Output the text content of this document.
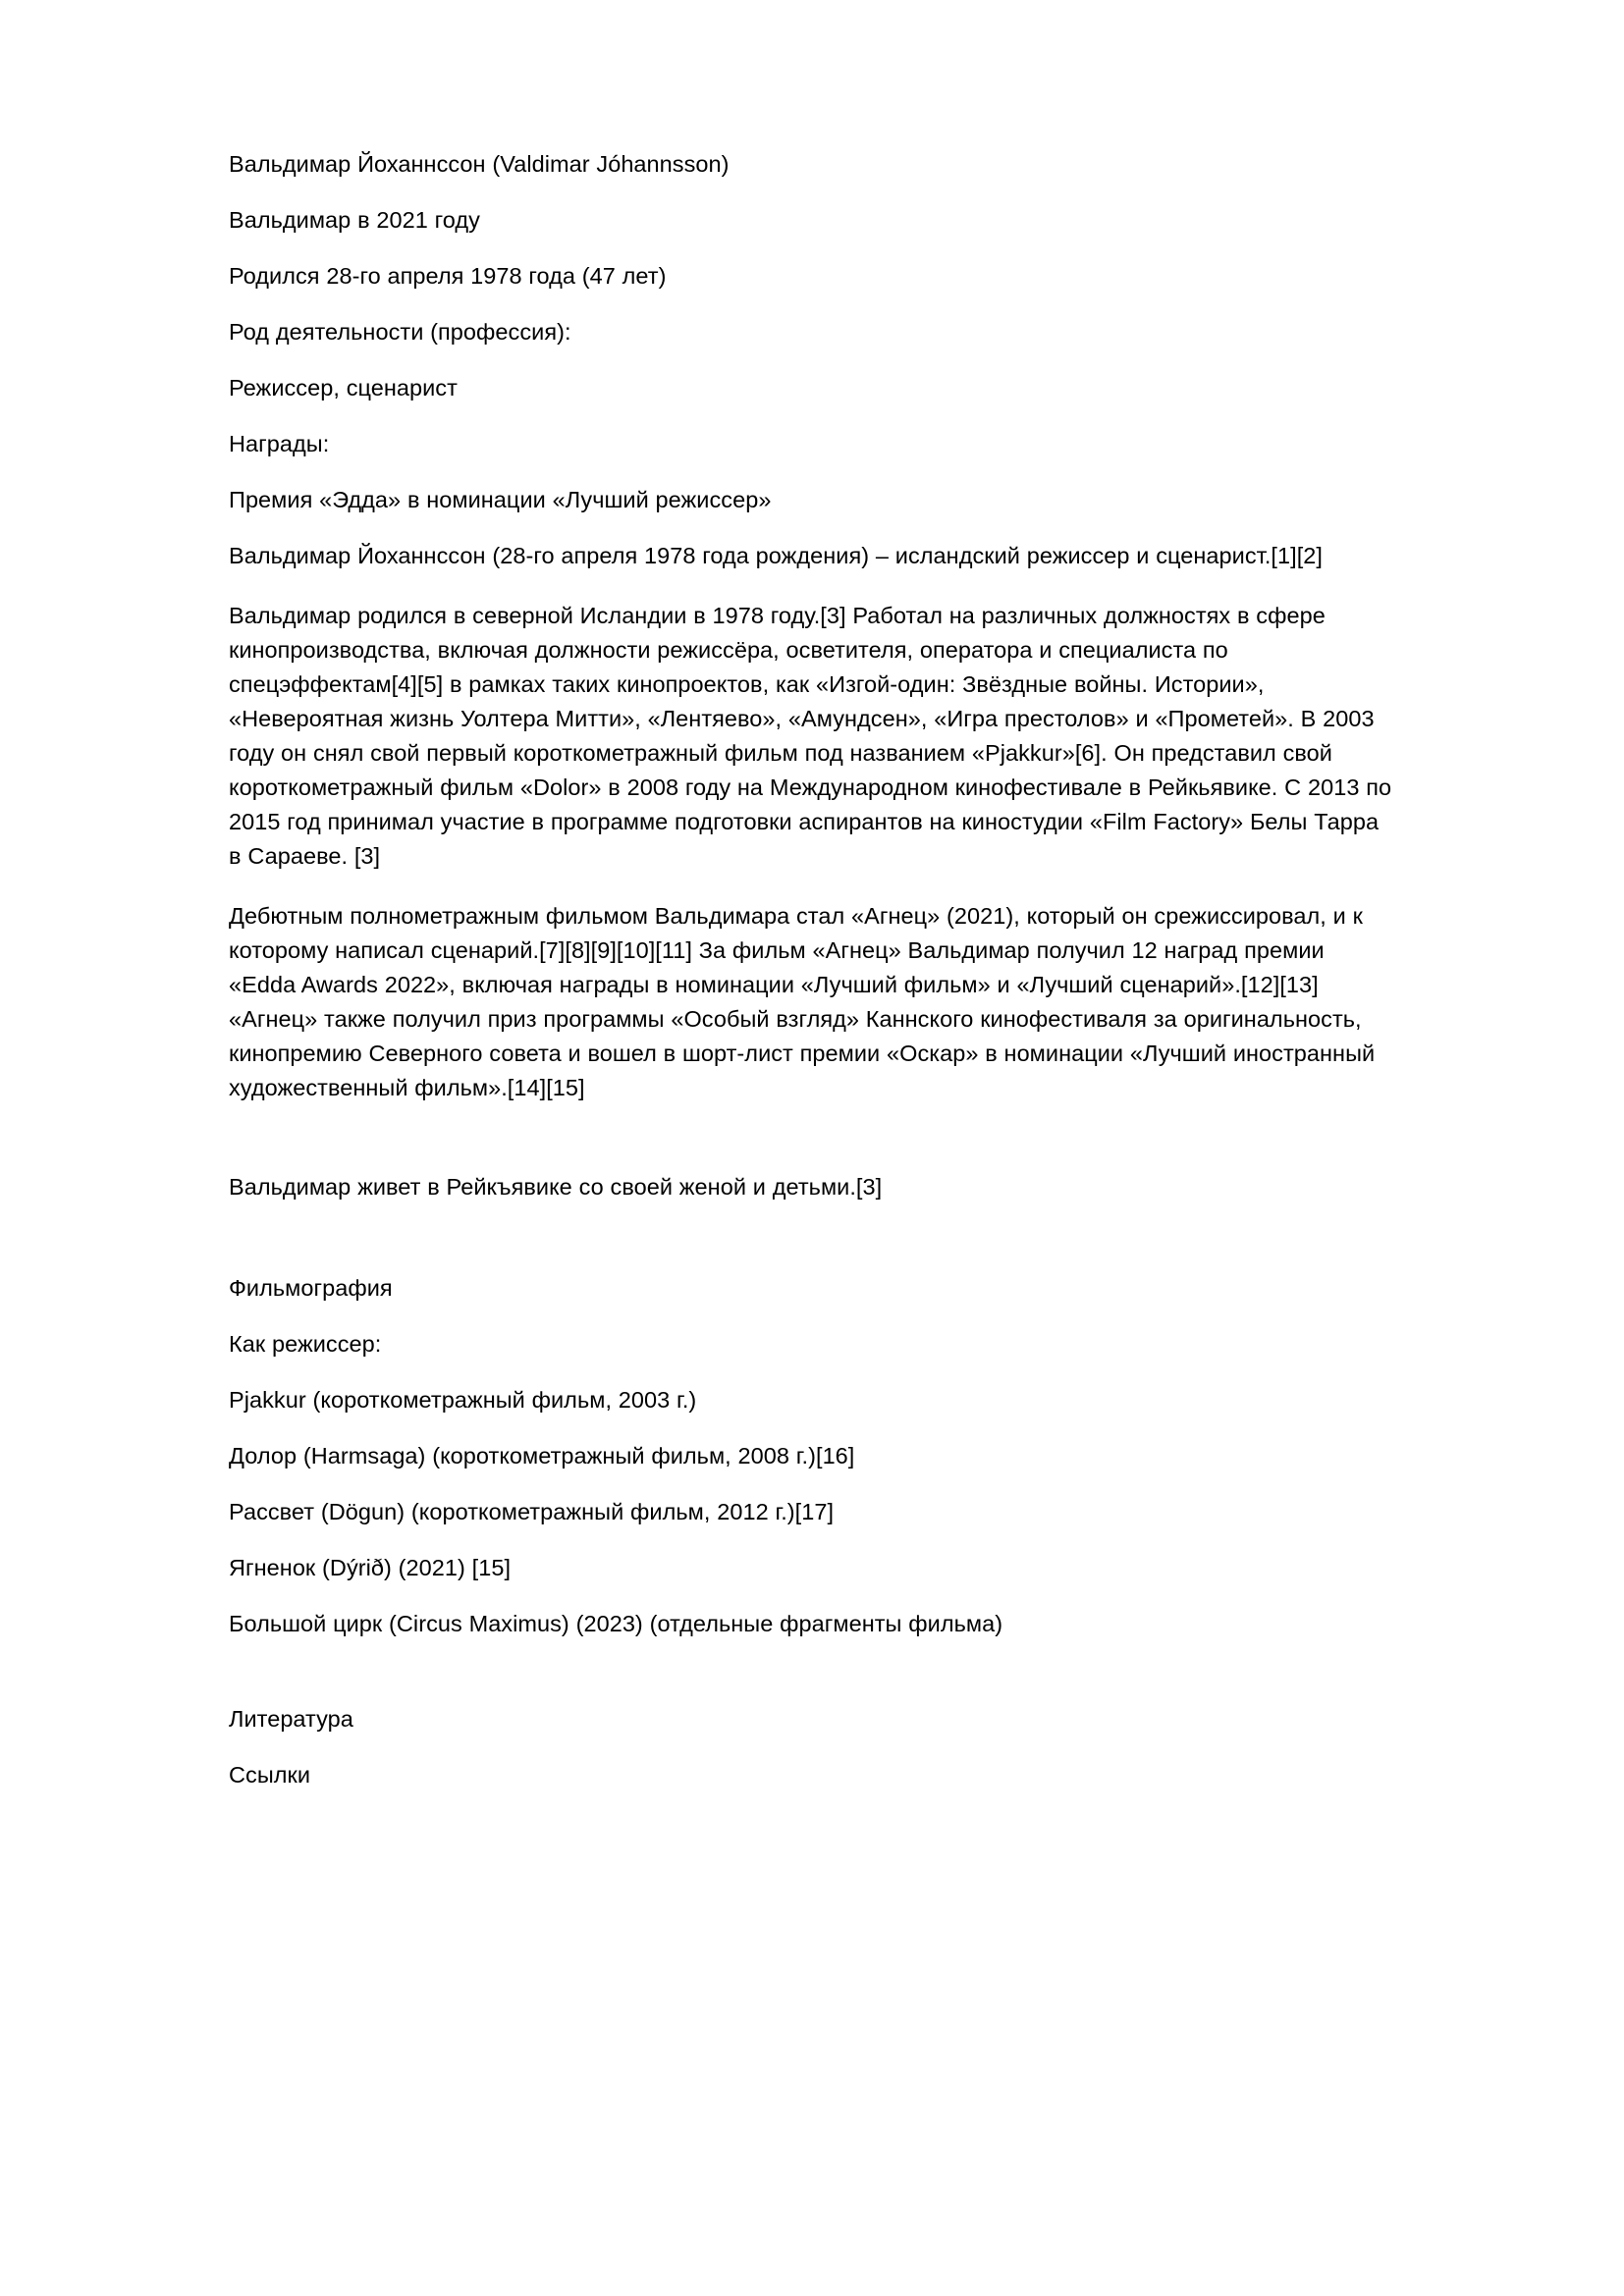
Вальдимар Йоханнссон (Valdimar Jóhannsson)

Вальдимар в 2021 году

Родился 28-го апреля 1978 года (47 лет)

Род деятельности (профессия):

Режиссер, сценарист

Награды:

Премия «Эдда» в номинации «Лучший режиссер»

Вальдимар Йоханнссон (28-го апреля 1978 года рождения) – исландский режиссер и сценарист.[1][2]

Вальдимар родился в северной Исландии в 1978 году.[3] Работал на различных должностях в сфере кинопроизводства, включая должности режиссёра, осветителя, оператора и специалиста по спецэффектам[4][5] в рамках таких кинопроектов, как «Изгой-один: Звёздные войны. Истории», «Невероятная жизнь Уолтера Митти», «Лентяево», «Амундсен», «Игра престолов» и «Прометей». В 2003 году он снял свой первый короткометражный фильм под названием «Pjakkur»[6]. Он представил свой короткометражный фильм «Dolor» в 2008 году на Международном кинофестивале в Рейкьявике. С 2013 по 2015 год принимал участие в программе подготовки аспирантов на киностудии «Film Factory» Белы Тарра в Сараеве. [3]

Дебютным полнометражным фильмом Вальдимара стал «Агнец» (2021), который он срежиссировал, и к которому написал сценарий.[7][8][9][10][11] За фильм «Агнец» Вальдимар получил 12 наград премии «Edda Awards 2022», включая награды в номинации «Лучший фильм» и «Лучший сценарий».[12][13] «Агнец» также получил приз программы «Особый взгляд» Каннского кинофестиваля за оригинальность, кинопремию Северного совета и вошел в шорт-лист премии «Оскар» в номинации «Лучший иностранный художественный фильм».[14][15]

Вальдимар живет в Рейкъявике со своей женой и детьми.[3]

Фильмография

Как режиссер:

Pjakkur (короткометражный фильм, 2003 г.)

Долор (Harmsaga) (короткометражный фильм, 2008 г.)[16]

Рассвет (Dögun) (короткометражный фильм, 2012 г.)[17]

Ягненок (Dýrið) (2021) [15]

Большой цирк (Circus Maximus) (2023) (отдельные фрагменты фильма)

Литература

Ссылки
